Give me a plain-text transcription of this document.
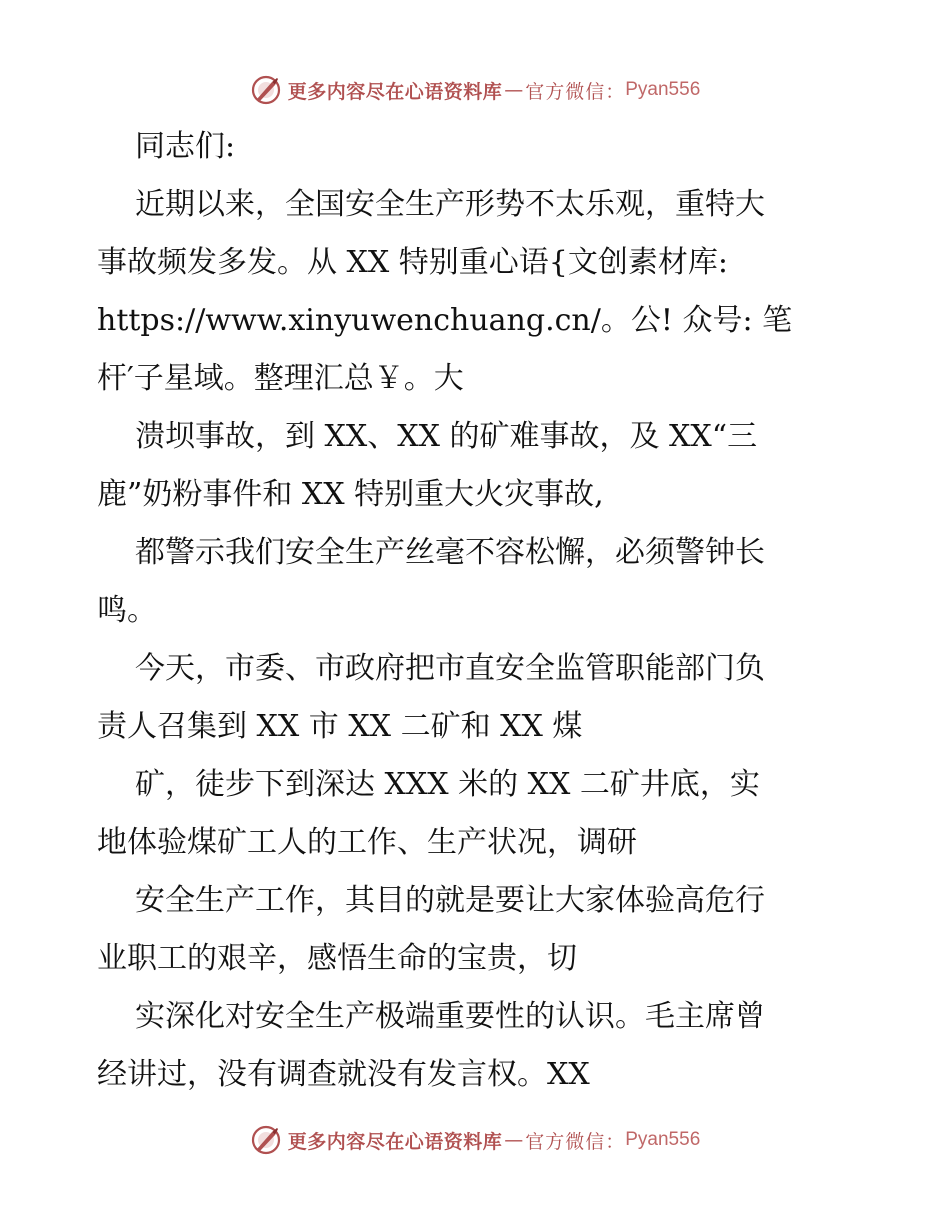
更多内容尽在心语资料库 — 官方微信： Pyan556
同志们:
近期以来，全国安全生产形势不太乐观，重特大
事故频发多发。从 XX 特别重心语{文创素材库:
https://www.xinyuwenchuang.cn/。公! 众号: 笔
杆′子星域。整理汇总￥。大
溃坝事故，到 XX、XX 的矿难事故，及 XX“三
鹿”奶粉事件和 XX 特别重大火灾事故,
都警示我们安全生产丝毫不容松懈，必须警钟长
鸣。
今天，市委、市政府把市直安全监管职能部门负
责人召集到 XX 市 XX 二矿和 XX 煤
矿，徒步下到深达 XXX 米的 XX 二矿井底，实
地体验煤矿工人的工作、生产状况，调研
安全生产工作，其目的就是要让大家体验高危行
业职工的艰辛，感悟生命的宝贵，切
实深化对安全生产极端重要性的认识。毛主席曾
经讲过，没有调查就没有发言权。XX
更多内容尽在心语资料库 — 官方微信： Pyan556
